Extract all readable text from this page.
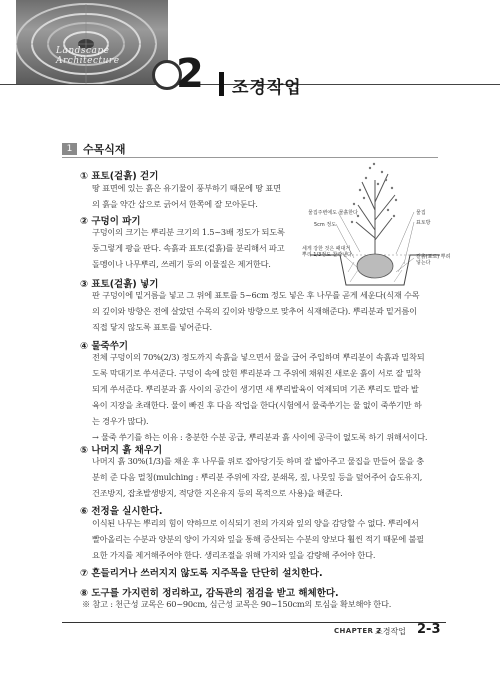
Landscape Architecture	2 조경작업
1 수목식재
① 표토(겉흙) 걷기
땅 표면에 있는 흙은 유기물이 풍부하기 때문에 땅 표면
의 흙을 약간 삽으로 긁어서 한쪽에 잘 모아둔다.
② 구덩이 파기
구덩이의 크기는 뿌리분 크기의 1.5~3배 정도가 되도록
둥그렇게 팡을 판다. 속흙과 표토(겉흙)를 분리해서 파고
돌멩이나 나무뿌리, 쓰레기 등의 이물질은 제거한다.
물집주변에도 물흙한다
5cm 정도
세게 강한 것은 패대거
뿌리 1/3정도 찰라낸다
물집
표토방
겉흙(표토) 뿌려
넣는다
③ 표토(겉흙) 넣기
판 구덩이에 밑거름을 넣고 그 위에 표토를 5~6cm 정도 넣은 후 나무를 곧게 세운다(식재 수목
의 깊이와 방향은 전에 살았던 수목의 깊이와 방향으로 맞추어 식재해준다). 뿌리분과 밑거름이
직접 닿지 않도록 표토를 넣어준다.
④ 물죽쑤기
전체 구덩이의 70%(2/3) 정도까지 속흙을 넣으면서 물을 급어 주입하며 뿌리분이 속흙과 밀착되
도록 막대기로 쑤셔준다. 구덩이 속에 앉힌 뿌리분과 그 주위에 채워진 새로운 흙이 서로 잘 밀착
되게 쑤셔준다. 뿌리분과 흙 사이의 공간이 생기면 새 뿌리발육이 억제되며 기존 뿌리도 말라 발
육이 지장을 초래한다. 물이 빠진 후 다음 작업을 한다(시험에서 물죽쑤기는 물 없이 죽쑤기만 하
는 경우가 많다).
→ 물죽 쑤기를 하는 이유 : 충분한 수분 공급, 뿌리분과 흙 사이에 공극이 없도록 하기 위해서이다.
⑤ 나머지 흙 채우기
나머지 흙 30%(1/3)를 채운 후 나무를 위로 잡아당기듯 하며 잘 밟아주고 물집을 만들어 물을 충
분히 준 다음 멀칭(mulching : 뿌리분 주위에 자갈, 분쇄목, 짚, 나뭇잎 등을 덮어주어 습도유지,
건조방지, 잡초발생방지, 적당한 지온유지 등의 목적으로 사용)을 해준다.
⑥ 전정을 실시한다.
이식된 나무는 뿌리의 힘이 약하므로 이식되기 전의 가지와 잎의 양을 감당할 수 없다. 뿌리에서
빨아올리는 수분과 양분의 양이 가지와 잎을 통해 증산되는 수분의 양보다 훨씬 적기 때문에 불필
요한 가지를 제거해주어야 한다. 생리조절을 위해 가지와 잎을 감량해 주어야 한다.
⑦ 흔들리거나 쓰러지지 않도록 지주목을 단단히 설치한다.
⑧ 도구를 가지런히 정리하고, 감독관의 점검을 받고 해체한다.
※ 참고 : 천근성 교목은 60~90cm, 심근성 교목은 90~150cm의 토심을 확보해야 한다.
CHAPTER 2
조경작업 2-3
